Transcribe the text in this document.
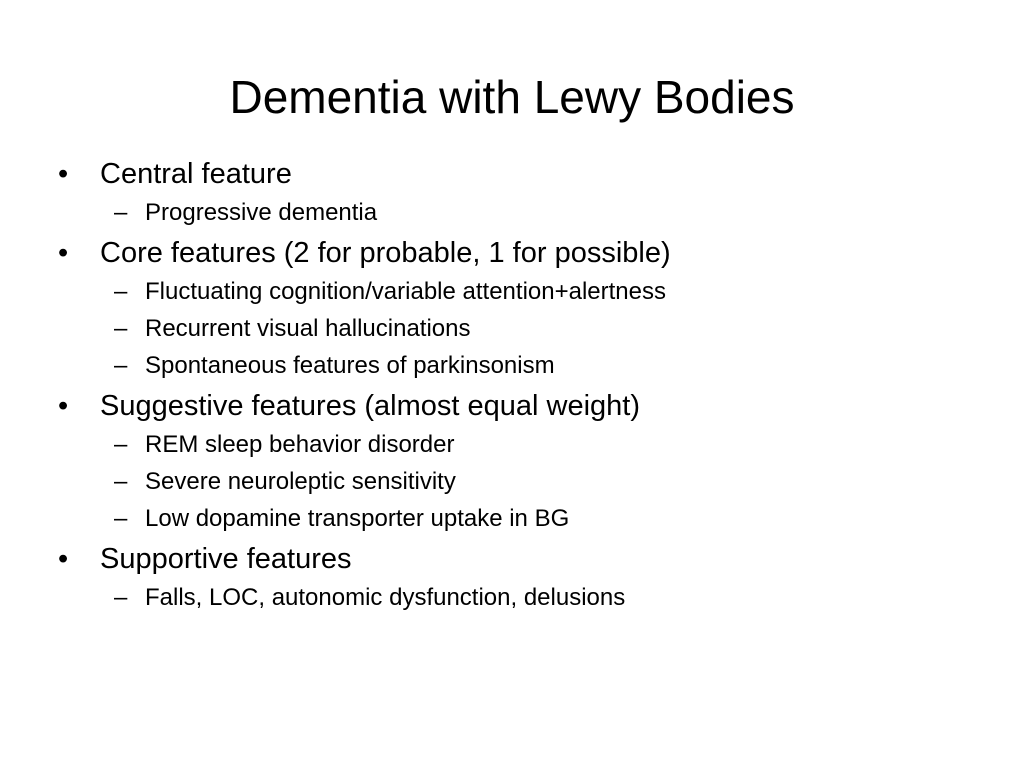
Dementia with Lewy Bodies
•	Central feature
– Progressive dementia
•	Core features (2 for probable, 1 for possible)
– Fluctuating cognition/variable attention+alertness
– Recurrent visual hallucinations
– Spontaneous features of parkinsonism
•	Suggestive features (almost equal weight)
– REM sleep behavior disorder
– Severe neuroleptic sensitivity
– Low dopamine transporter uptake in BG
•	Supportive features
– Falls, LOC, autonomic dysfunction, delusions
